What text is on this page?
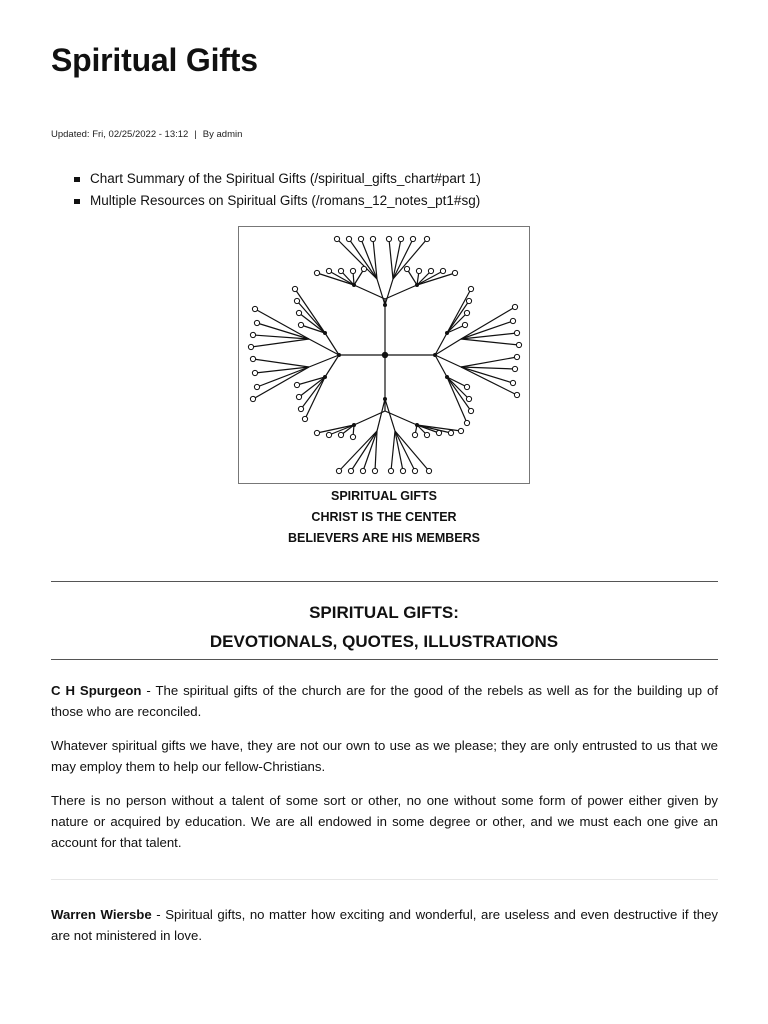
Spiritual Gifts
Updated: Fri, 02/25/2022 - 13:12 | By admin
Chart Summary of the Spiritual Gifts (/spiritual_gifts_chart#part 1)
Multiple Resources on Spiritual Gifts (/romans_12_notes_pt1#sg)
SPIRITUAL GIFTS
CHRIST IS THE CENTER
BELIEVERS ARE HIS MEMBERS
SPIRITUAL GIFTS:
DEVOTIONALS, QUOTES, ILLUSTRATIONS

C H Spurgeon - The spiritual gifts of the church are for the good of the rebels as well as for the building up of those who are reconciled.

Whatever spiritual gifts we have, they are not our own to use as we please; they are only entrusted to us that we may employ them to help our fellow-Christians.

There is no person without a talent of some sort or other, no one without some form of power either given by nature or acquired by education. We are all endowed in some degree or other, and we must each one give an account for that talent.

Warren Wiersbe - Spiritual gifts, no matter how exciting and wonderful, are useless and even destructive if they are not ministered in love.
